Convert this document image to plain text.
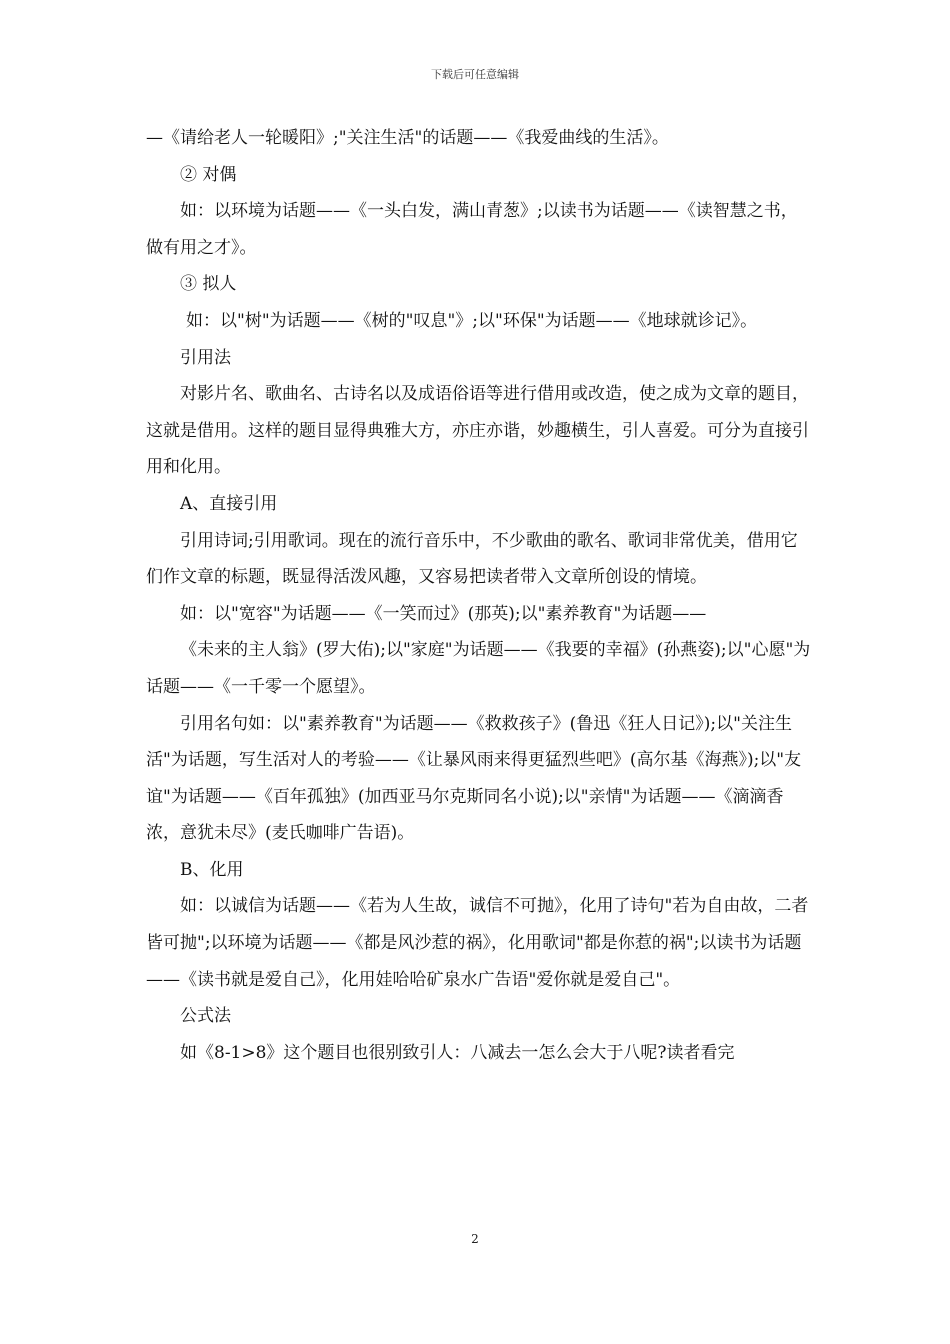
下载后可任意编辑

—《请给老人一轮暖阳》;"关注生活"的话题——《我爱曲线的生活》。

② 对偶

如：以环境为话题——《一头白发，满山青葱》;以读书为话题——《读智慧之书，做有用之才》。

③ 拟人

如：以"树"为话题——《树的"叹息"》;以"环保"为话题——《地球就诊记》。

引用法

对影片名、歌曲名、古诗名以及成语俗语等进行借用或改造，使之成为文章的题目，这就是借用。这样的题目显得典雅大方，亦庄亦谐，妙趣横生，引人喜爱。可分为直接引用和化用。

A、直接引用

引用诗词;引用歌词。现在的流行音乐中，不少歌曲的歌名、歌词非常优美，借用它们作文章的标题，既显得活泼风趣，又容易把读者带入文章所创设的情境。

如：以"宽容"为话题——《一笑而过》(那英);以"素养教育"为话题——

《未来的主人翁》(罗大佑);以"家庭"为话题——《我要的幸福》(孙燕姿);以"心愿"为话题——《一千零一个愿望》。

引用名句如：以"素养教育"为话题——《救救孩子》(鲁迅《狂人日记》);以"关注生活"为话题，写生活对人的考验——《让暴风雨来得更猛烈些吧》(高尔基《海燕》);以"友谊"为话题——《百年孤独》(加西亚马尔克斯同名小说);以"亲情"为话题——《滴滴香浓，意犹未尽》(麦氏咖啡广告语)。

B、化用

如：以诚信为话题——《若为人生故，诚信不可抛》，化用了诗句"若为自由故，二者皆可抛";以环境为话题——《都是风沙惹的祸》，化用歌词"都是你惹的祸";以读书为话题——《读书就是爱自己》，化用娃哈哈矿泉水广告语"爱你就是爱自己"。

公式法

如《8-1>8》这个题目也很别致引人：八减去一怎么会大于八呢?读者看完

2
